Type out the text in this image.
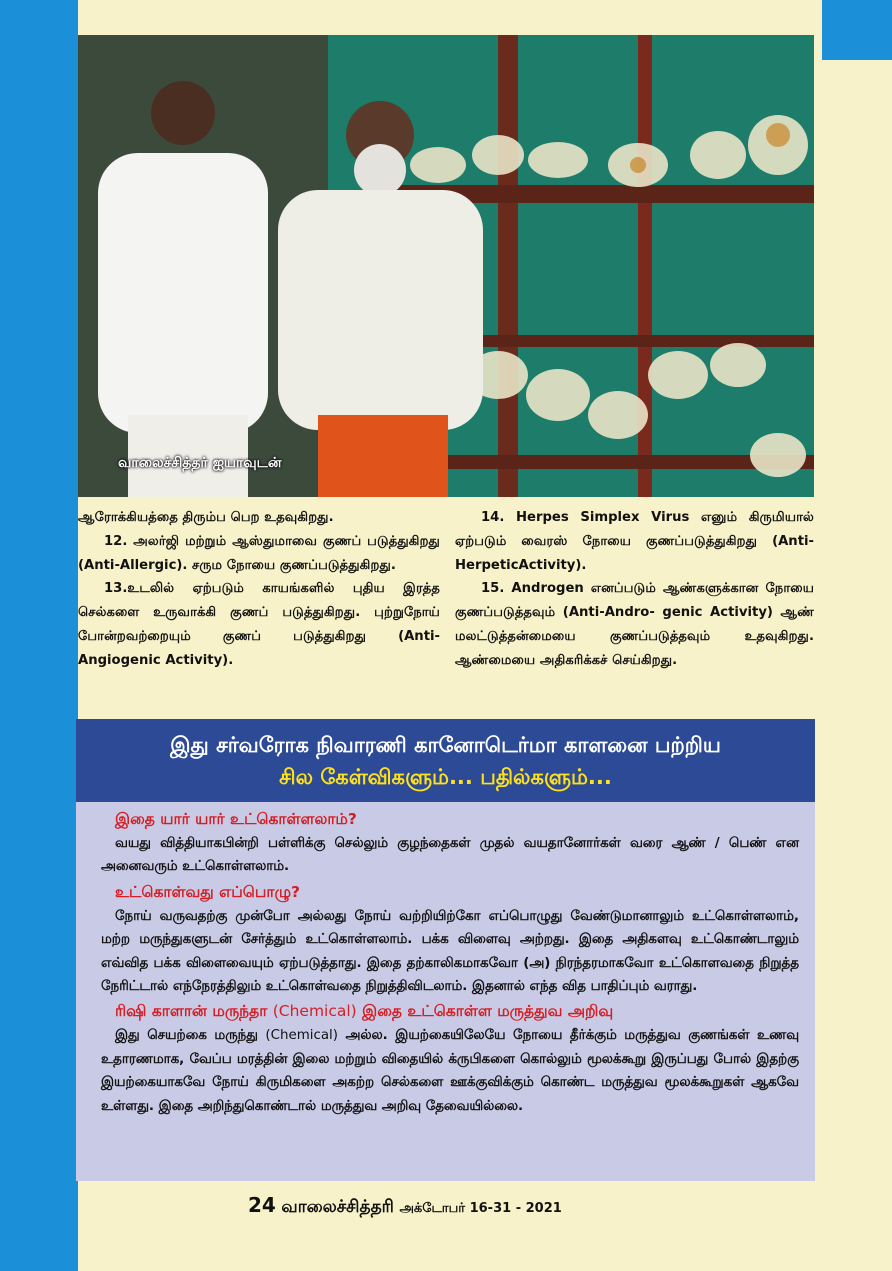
வாலைச்சித்தர் ஐயாவுடன்

ஆரோக்கியத்தை திரும்ப பெற உதவுகிறது.

12. அலர்ஜி மற்றும் ஆஸ்துமாவை குணப் படுத்துகிறது (Anti-Allergic). சரும நோயை குணப்படுத்துகிறது.

13.உடலில் ஏற்படும் காயங்களில் புதிய இரத்த செல்களை உருவாக்கி குணப் படுத்துகிறது. புற்றுநோய் போன்றவற்றையும் குணப் படுத்துகிறது (Anti-Angiogenic Activity).

14. Herpes Simplex Virus எனும் கிருமியால் ஏற்படும் வைரஸ் நோயை குணப்படுத்துகிறது (Anti-HerpeticActivity).

15. Androgen எனப்படும் ஆண்களுக்கான நோயை குணப்படுத்தவும் (Anti-Andro- genic Activity) ஆண் மலட்டுத்தன்மையை குணப்படுத்தவும் உதவுகிறது. ஆண்மையை அதிகரிக்கச் செய்கிறது.

இது சர்வரோக நிவாரணி கானோடெர்மா காளனை பற்றிய
சில கேள்விகளும்... பதில்களும்...

இதை யார் யார் உட்கொள்ளலாம்?

வயது வித்தியாகபின்றி பள்ளிக்கு செல்லும் குழந்தைகள் முதல் வயதானோர்கள் வரை ஆண் / பெண் என அனைவரும் உட்கொள்ளலாம்.

உட்கொள்வது எப்பொழு?

நோய் வருவதற்கு முன்போ அல்லது நோய் வற்றியிற்கோ எப்பொழுது வேண்டுமானாலும் உட்கொள்ளலாம், மற்ற மருந்துகளுடன் சேர்த்தும் உட்கொள்ளலாம். பக்க விளைவு அற்றது. இதை அதிகளவு உட்கொண்டாலும் எவ்வித பக்க விளைவையும் ஏற்படுத்தாது. இதை தற்காலிகமாகவோ (அ) நிரந்தரமாகவோ உட்கொளவதை நிறுத்த நேரிட்டால் எந்நேரத்திலும் உட்கொள்வதை நிறுத்திவிடலாம். இதனால் எந்த வித பாதிப்பும் வராது.

ரிஷி காளான் மருந்தா (Chemical) இதை உட்கொள்ள மருத்துவ அறிவு

இது செயற்கை மருந்து (Chemical) அல்ல. இயற்கையிலேயே நோயை தீர்க்கும் மருத்துவ குணங்கள் உணவு உதாரணமாக, வேப்ப மரத்தின் இலை மற்றும் விதையில் க்ருபிகளை கொல்லும் மூலக்கூறு இருப்பது போல் இதற்கு இயற்கையாகவே நோய் கிருமிகளை அகற்ற செல்களை ஊக்குவிக்கும் கொண்ட மருத்துவ மூலக்கூறுகள் ஆகவே உள்ளது. இதை அறிந்துகொண்டால் மருத்துவ அறிவு தேவையில்லை.

24 வாலைச்சித்தரி அக்டோபர் 16-31 - 2021
